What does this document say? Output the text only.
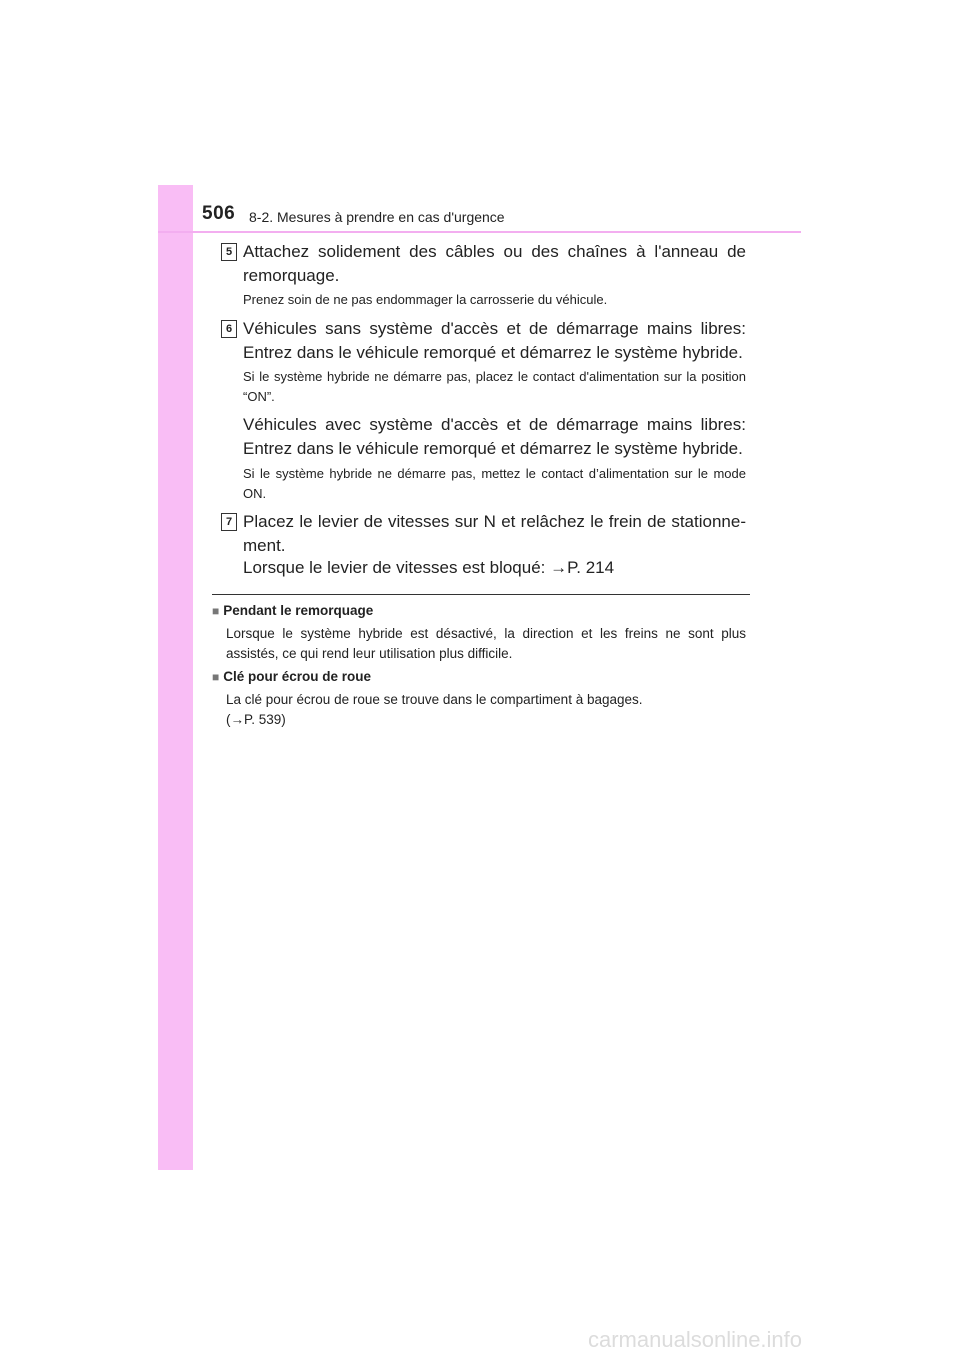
506 8-2. Mesures à prendre en cas d'urgence
5 Attachez solidement des câbles ou des chaînes à l'anneau de remorquage.
Prenez soin de ne pas endommager la carrosserie du véhicule.
6 Véhicules sans système d'accès et de démarrage mains libres: Entrez dans le véhicule remorqué et démarrez le système hybride.
Si le système hybride ne démarre pas, placez le contact d'alimentation sur la position “ON”.
Véhicules avec système d'accès et de démarrage mains libres: Entrez dans le véhicule remorqué et démarrez le système hybride.
Si le système hybride ne démarre pas, mettez le contact d’alimentation sur le mode ON.
7 Placez le levier de vitesses sur N et relâchez le frein de stationne-ment.
Lorsque le levier de vitesses est bloqué: →P. 214
■ Pendant le remorquage
Lorsque le système hybride est désactivé, la direction et les freins ne sont plus assistés, ce qui rend leur utilisation plus difficile.
■ Clé pour écrou de roue
La clé pour écrou de roue se trouve dans le compartiment à bagages.
(→P. 539)
carmanualsonline.info
